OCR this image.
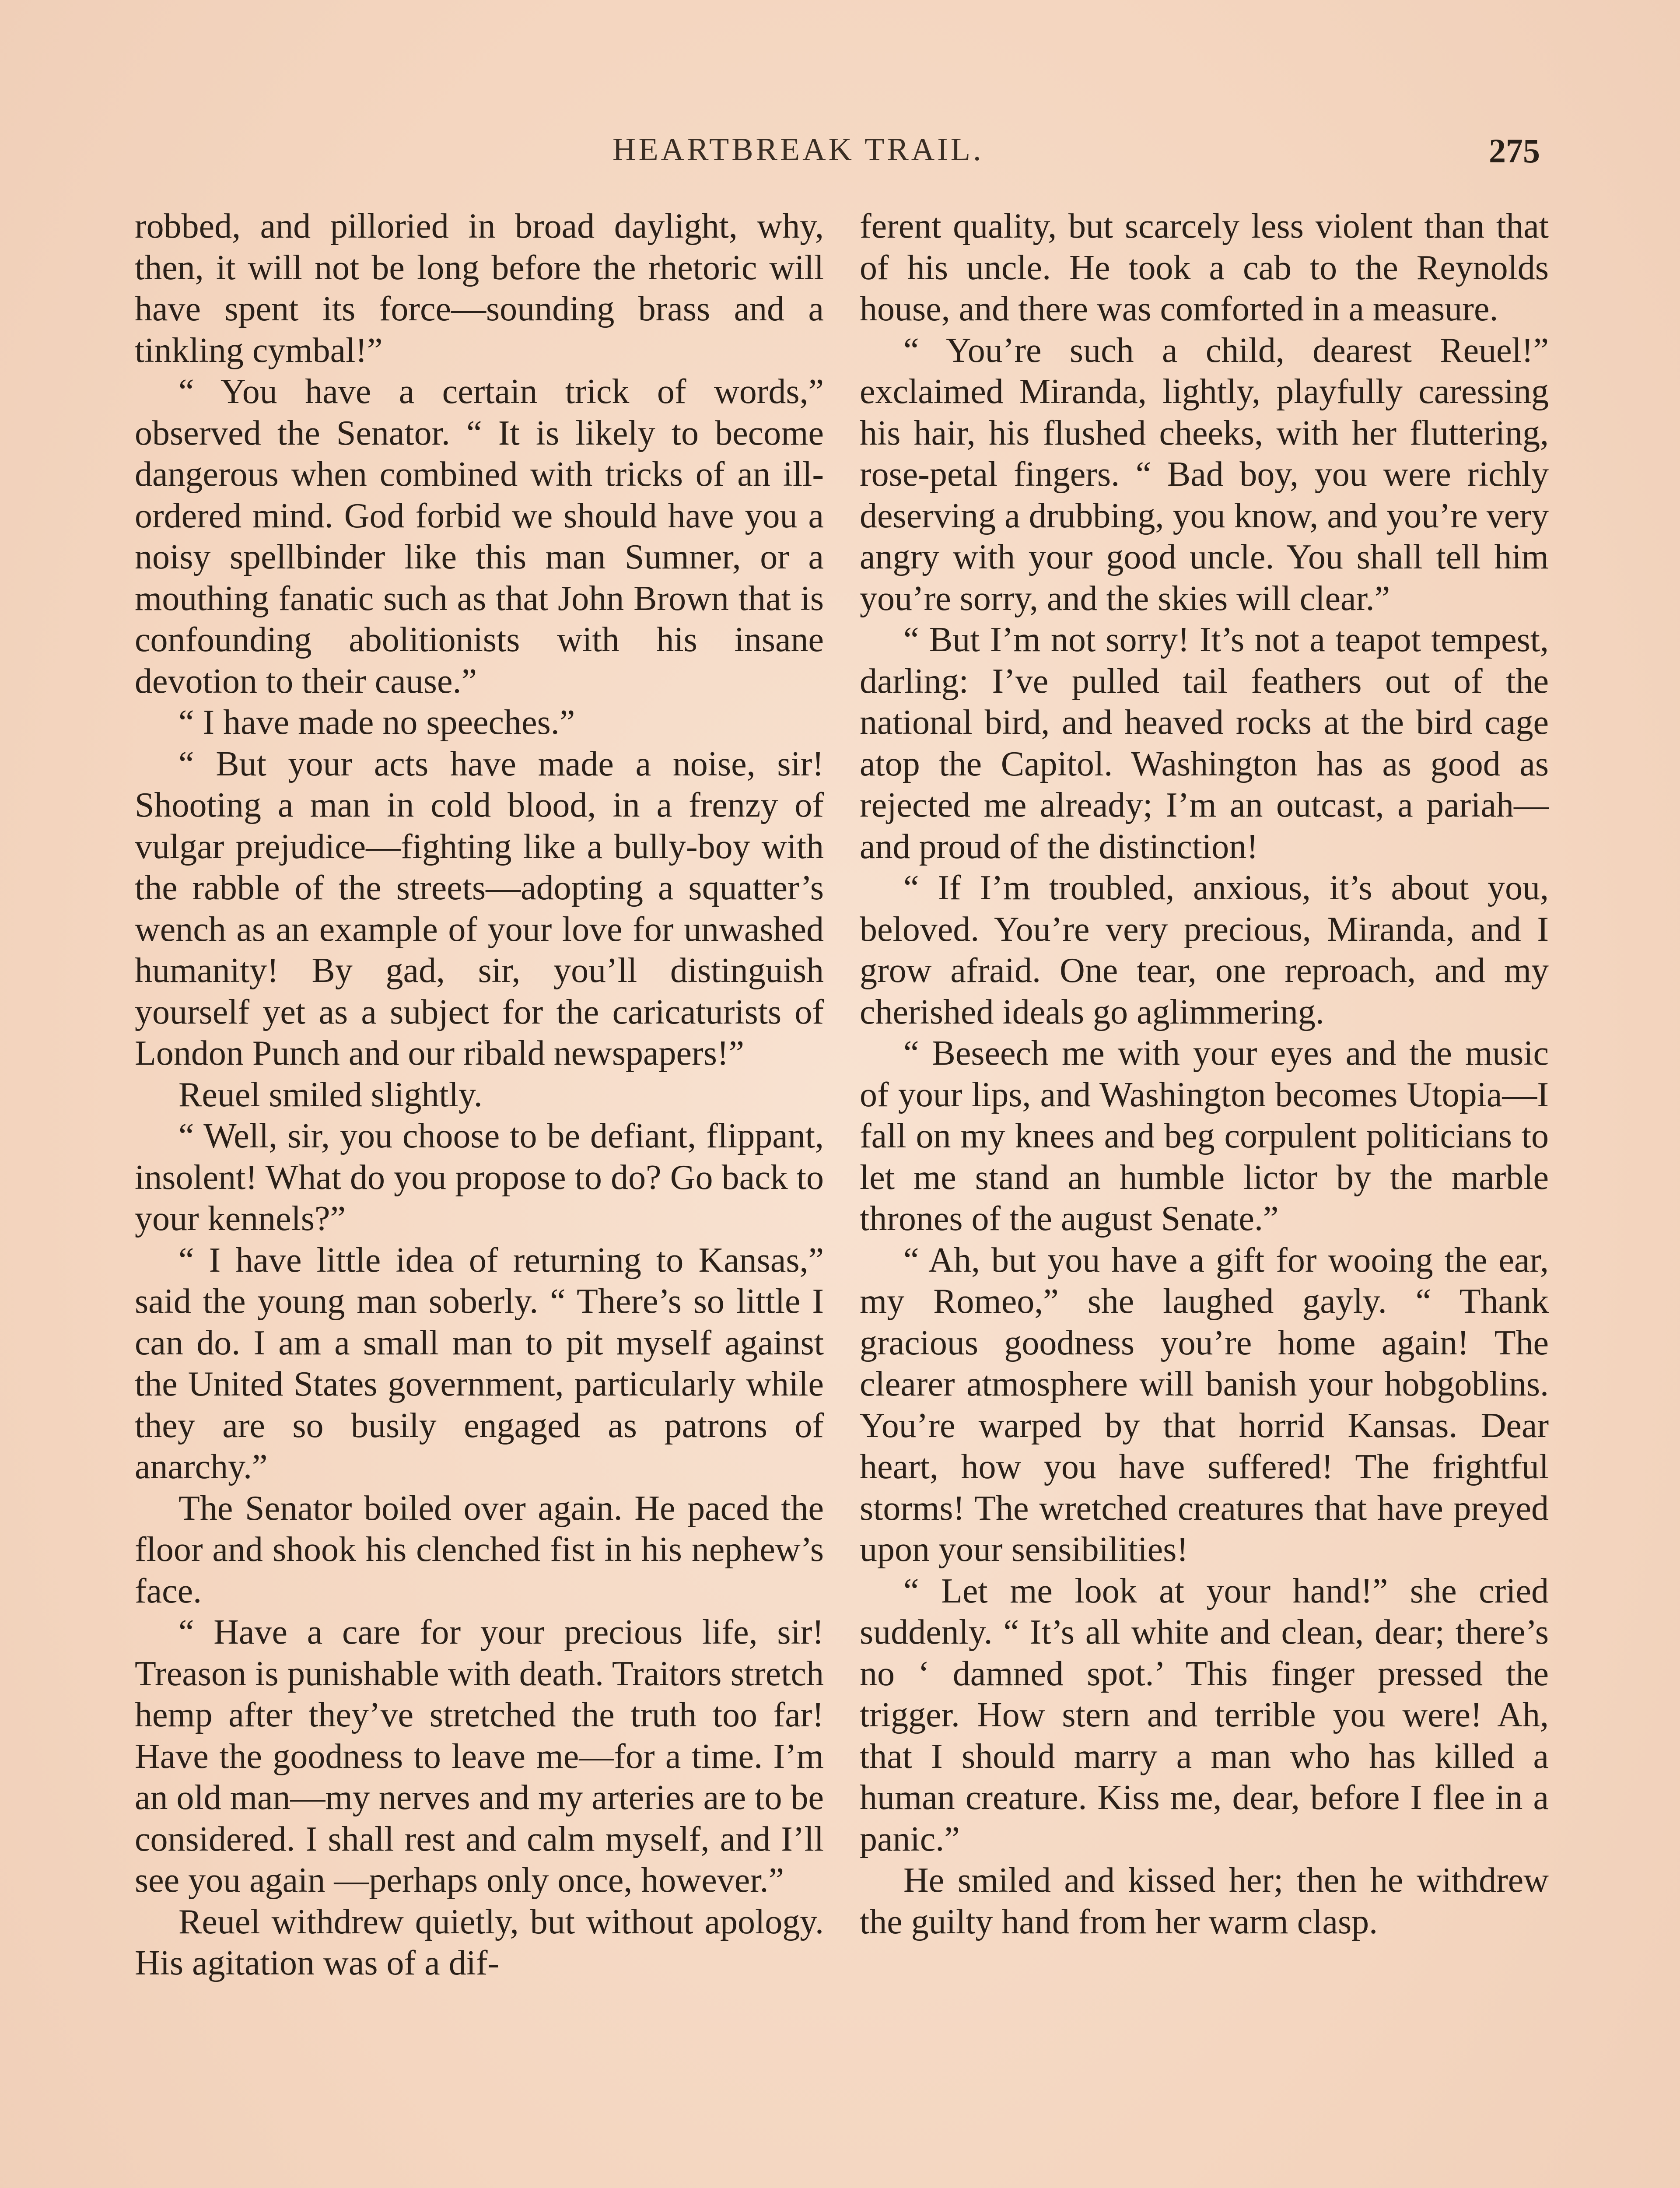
HEARTBREAK TRAIL.	275

robbed, and pilloried in broad daylight, why, then, it will not be long before the rhetoric will have spent its force—sounding brass and a tinkling cymbal!”

“ You have a certain trick of words,” observed the Senator. “ It is likely to become dangerous when combined with tricks of an ill-ordered mind. God forbid we should have you a noisy spellbinder like this man Sumner, or a mouthing fanatic such as that John Brown that is confounding abolitionists with his insane devotion to their cause.”

“ I have made no speeches.”

“ But your acts have made a noise, sir! Shooting a man in cold blood, in a frenzy of vulgar prejudice—fighting like a bully-boy with the rabble of the streets—adopting a squatter’s wench as an example of your love for unwashed humanity! By gad, sir, you’ll distinguish yourself yet as a subject for the caricaturists of London Punch and our ribald newspapers!”

Reuel smiled slightly.

“ Well, sir, you choose to be defiant, flippant, insolent! What do you propose to do? Go back to your kennels?”

“ I have little idea of returning to Kansas,” said the young man soberly. “ There’s so little I can do. I am a small man to pit myself against the United States government, particularly while they are so busily engaged as patrons of anarchy.”

The Senator boiled over again. He paced the floor and shook his clenched fist in his nephew’s face.

“ Have a care for your precious life, sir! Treason is punishable with death. Traitors stretch hemp after they’ve stretched the truth too far! Have the goodness to leave me—for a time. I’m an old man—my nerves and my arteries are to be considered. I shall rest and calm myself, and I’ll see you again —perhaps only once, however.”

Reuel withdrew quietly, but without apology. His agitation was of a dif-

ferent quality, but scarcely less violent than that of his uncle. He took a cab to the Reynolds house, and there was comforted in a measure.

“ You’re such a child, dearest Reuel!” exclaimed Miranda, lightly, playfully caressing his hair, his flushed cheeks, with her fluttering, rose-petal fingers. “ Bad boy, you were richly deserving a drubbing, you know, and you’re very angry with your good uncle. You shall tell him you’re sorry, and the skies will clear.”

“ But I’m not sorry! It’s not a teapot tempest, darling: I’ve pulled tail feathers out of the national bird, and heaved rocks at the bird cage atop the Capitol. Washington has as good as rejected me already; I’m an outcast, a pariah— and proud of the distinction!

“ If I’m troubled, anxious, it’s about you, beloved. You’re very precious, Miranda, and I grow afraid. One tear, one reproach, and my cherished ideals go aglimmering.

“ Beseech me with your eyes and the music of your lips, and Washington becomes Utopia—I fall on my knees and beg corpulent politicians to let me stand an humble lictor by the marble thrones of the august Senate.”

“ Ah, but you have a gift for wooing the ear, my Romeo,” she laughed gayly. “ Thank gracious goodness you’re home again! The clearer atmosphere will banish your hobgoblins. You’re warped by that horrid Kansas. Dear heart, how you have suffered! The frightful storms! The wretched creatures that have preyed upon your sensibilities!

“ Let me look at your hand!” she cried suddenly. “ It’s all white and clean, dear; there’s no ‘ damned spot.’ This finger pressed the trigger. How stern and terrible you were! Ah, that I should marry a man who has killed a human creature. Kiss me, dear, before I flee in a panic.”

He smiled and kissed her; then he withdrew the guilty hand from her warm clasp.
